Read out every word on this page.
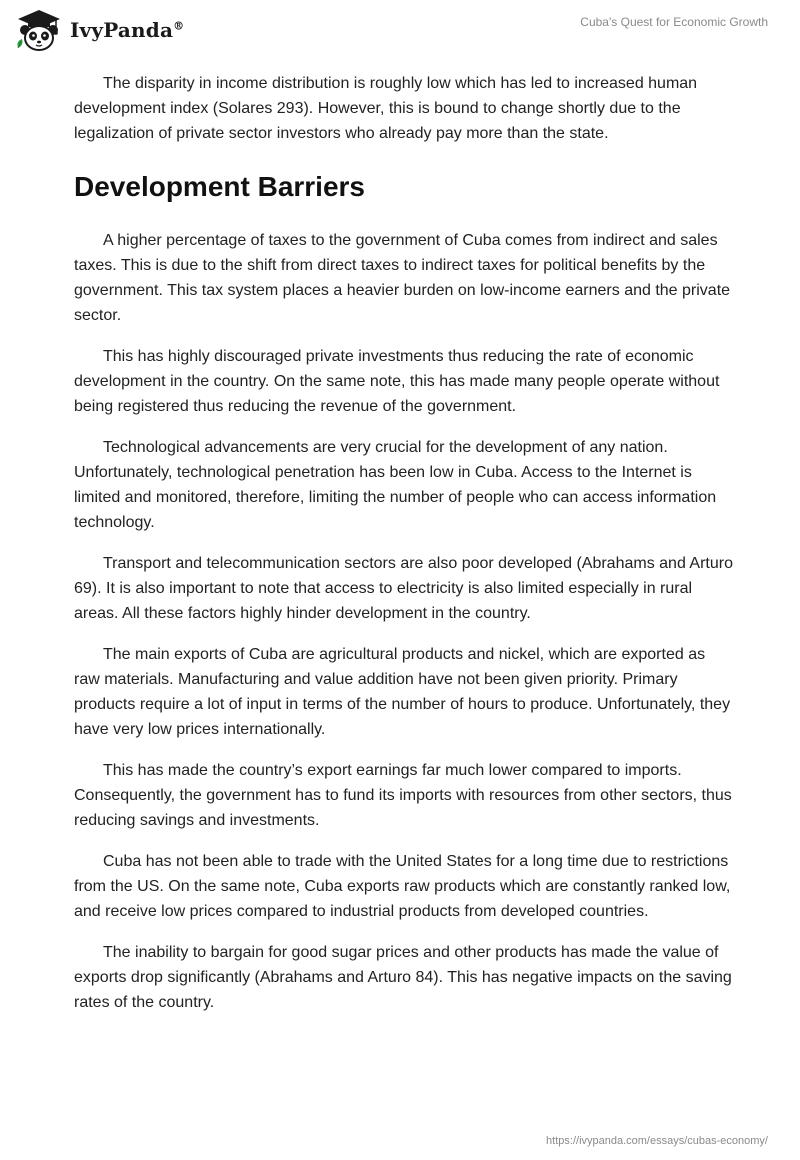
IvyPanda®	Cuba's Quest for Economic Growth

The disparity in income distribution is roughly low which has led to increased human development index (Solares 293). However, this is bound to change shortly due to the legalization of private sector investors who already pay more than the state.

Development Barriers

A higher percentage of taxes to the government of Cuba comes from indirect and sales taxes. This is due to the shift from direct taxes to indirect taxes for political benefits by the government. This tax system places a heavier burden on low-income earners and the private sector.

This has highly discouraged private investments thus reducing the rate of economic development in the country. On the same note, this has made many people operate without being registered thus reducing the revenue of the government.

Technological advancements are very crucial for the development of any nation. Unfortunately, technological penetration has been low in Cuba. Access to the Internet is limited and monitored, therefore, limiting the number of people who can access information technology.

Transport and telecommunication sectors are also poor developed (Abrahams and Arturo 69). It is also important to note that access to electricity is also limited especially in rural areas. All these factors highly hinder development in the country.

The main exports of Cuba are agricultural products and nickel, which are exported as raw materials. Manufacturing and value addition have not been given priority. Primary products require a lot of input in terms of the number of hours to produce. Unfortunately, they have very low prices internationally.

This has made the country’s export earnings far much lower compared to imports. Consequently, the government has to fund its imports with resources from other sectors, thus reducing savings and investments.

Cuba has not been able to trade with the United States for a long time due to restrictions from the US. On the same note, Cuba exports raw products which are constantly ranked low, and receive low prices compared to industrial products from developed countries.

The inability to bargain for good sugar prices and other products has made the value of exports drop significantly (Abrahams and Arturo 84). This has negative impacts on the saving rates of the country.

https://ivypanda.com/essays/cubas-economy/
